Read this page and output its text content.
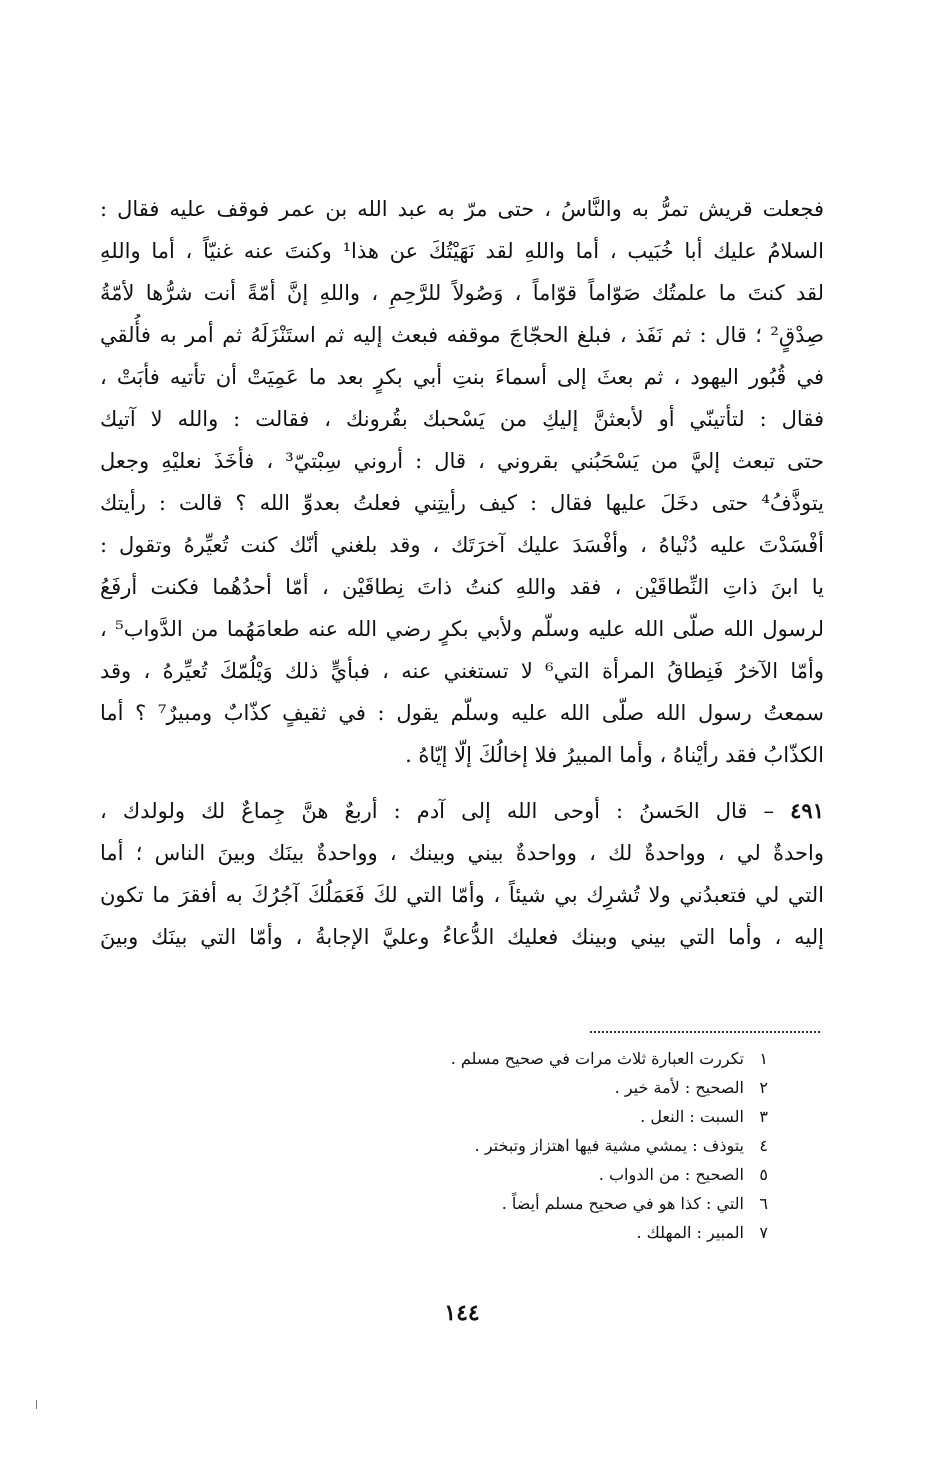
فجعلت قريش تمرُّ به والنَّاسُ ، حتى مرّ به عبد الله بن عمر فوقف عليه فقال :
السلامُ عليك أبا خُبَيب ، أما واللهِ لقد نَهَيْتُكَ عن هذا¹ وكنتَ عنه غنيّاً ، أما واللهِ
لقد كنتَ ما علمتُك صَوّاماً قوّاماً ، وَصُولاً للرَّحِمِ ، واللهِ إنَّ أمّةً أنت شرُّها لأمّةُ
صِدْقٍ² ؛ قال : ثم نَفَذ ، فبلغ الحجّاجَ موقفه فبعث إليه ثم استَنْزَلَهُ ثم أمر به فأُلقي
في قُبُور اليهود ، ثم بعثَ إلى أسماءَ بنتِ أبي بكرٍ بعد ما عَمِيَتْ أن تأتيه فأبَتْ ،
فقال : لتأتينّي أو لأبعثنَّ إليكِ من يَسْحبك بقُرونك ، فقالت : والله لا آتيك
حتى تبعث إليَّ من يَسْحَبُني بقروني ، قال : أروني سِبْتيّ³ ، فأخَذَ نعليْهِ وجعل
يتوذَّفُ⁴ حتى دخَلَ عليها فقال : كيف رأيتِني فعلتُ بعدوِّ الله ؟ قالت : رأيتك
أفْسَدْتَ عليه دُنْياهُ ، وأفْسَدَ عليك آخرَتَك ، وقد بلغني أنّك كنت تُعيِّرهُ وتقول :
يا ابنَ ذاتِ النِّطاقَيْن ، فقد واللهِ كنتُ ذاتَ نِطاقَيْن ، أمّا أحدُهُما فكنت أرفَعُ
لرسول الله صلّى الله عليه وسلّم ولأبي بكرٍ رضي الله عنه طعامَهُما من الدَّواب⁵ ،
وأمّا الآخرُ فَنِطاقُ المرأة التي⁶ لا تستغني عنه ، فبأيٍّ ذلك وَيْلُمّكَ تُعيِّرهُ ، وقد
سمعتُ رسول الله صلّى الله عليه وسلّم يقول : في ثقيفٍ كذّابٌ ومبيرٌ⁷ ؟ أما
الكذّابُ فقد رأيْناهُ ، وأما المبيرُ فلا إخالُكَ إلّا إيّاهُ .
٤٩١ – قال الحَسنُ : أوحى الله إلى آدم : أربعٌ هنَّ جِماعٌ لك ولولدك ،
واحدةٌ لي ، وواحدةٌ لك ، وواحدةٌ بيني وبينك ، وواحدةٌ بينَك وبينَ الناس ؛ أما
التي لي فتعبدُني ولا تُشرِك بي شيئاً ، وأمّا التي لكَ فَعَمَلُكَ آجُرُكَ به أفقرَ ما تكون
إليه ، وأما التي بيني وبينك فعليك الدُّعاءُ وعليَّ الإجابةُ ، وأمّا التي بينَك وبينَ
١تكررت العبارة ثلاث مرات في صحيح مسلم .
٢الصحيح : لأمة خير .
٣السبت : النعل .
٤يتوذف : يمشي مشية فيها اهتزاز وتبختر .
٥الصحيح : من الدواب .
٦التي : كذا هو في صحيح مسلم أيضاً .
٧المبير : المهلك .
١٤٤
